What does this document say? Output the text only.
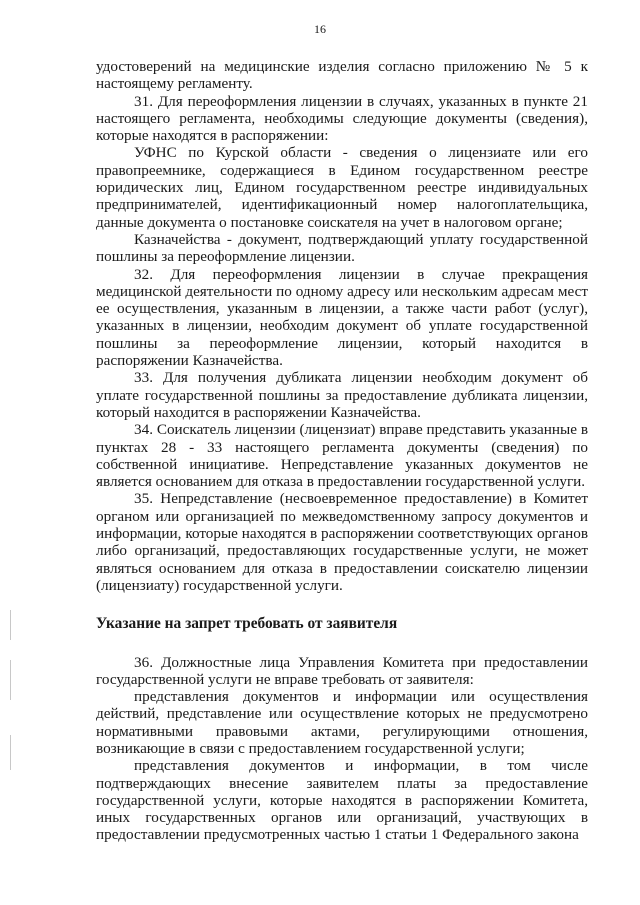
16

удостоверений на медицинские изделия согласно приложению № 5 к настоящему регламенту.

31. Для переоформления лицензии в случаях, указанных в пункте 21 настоящего регламента, необходимы следующие документы (сведения), которые находятся в распоряжении:

УФНС по Курской области - сведения о лицензиате или его правопреемнике, содержащиеся в Едином государственном реестре юридических лиц, Едином государственном реестре индивидуальных предпринимателей, идентификационный номер налогоплательщика, данные документа о постановке соискателя на учет в налоговом органе;

Казначейства - документ, подтверждающий уплату государственной пошлины за переоформление лицензии.

32. Для переоформления лицензии в случае прекращения медицинской деятельности по одному адресу или нескольким адресам мест ее осуществления, указанным в лицензии, а также части работ (услуг), указанных в лицензии, необходим документ об уплате государственной пошлины за переоформление лицензии, который находится в распоряжении Казначейства.

33. Для получения дубликата лицензии необходим документ об уплате государственной пошлины за предоставление дубликата лицензии, который находится в распоряжении Казначейства.

34. Соискатель лицензии (лицензиат) вправе представить указанные в пунктах 28 - 33 настоящего регламента документы (сведения) по собственной инициативе. Непредставление указанных документов не является основанием для отказа в предоставлении государственной услуги.

35. Непредставление (несвоевременное предоставление) в Комитет органом или организацией по межведомственному запросу документов и информации, которые находятся в распоряжении соответствующих органов либо организаций, предоставляющих государственные услуги, не может являться основанием для отказа в предоставлении соискателю лицензии (лицензиату) государственной услуги.

Указание на запрет требовать от заявителя

36. Должностные лица Управления Комитета при предоставлении государственной услуги не вправе требовать от заявителя:

представления документов и информации или осуществления действий, представление или осуществление которых не предусмотрено нормативными правовыми актами, регулирующими отношения, возникающие в связи с предоставлением государственной услуги;

представления документов и информации, в том числе подтверждающих внесение заявителем платы за предоставление государственной услуги, которые находятся в распоряжении Комитета, иных государственных органов или организаций, участвующих в предоставлении предусмотренных частью 1 статьи 1 Федерального закона
